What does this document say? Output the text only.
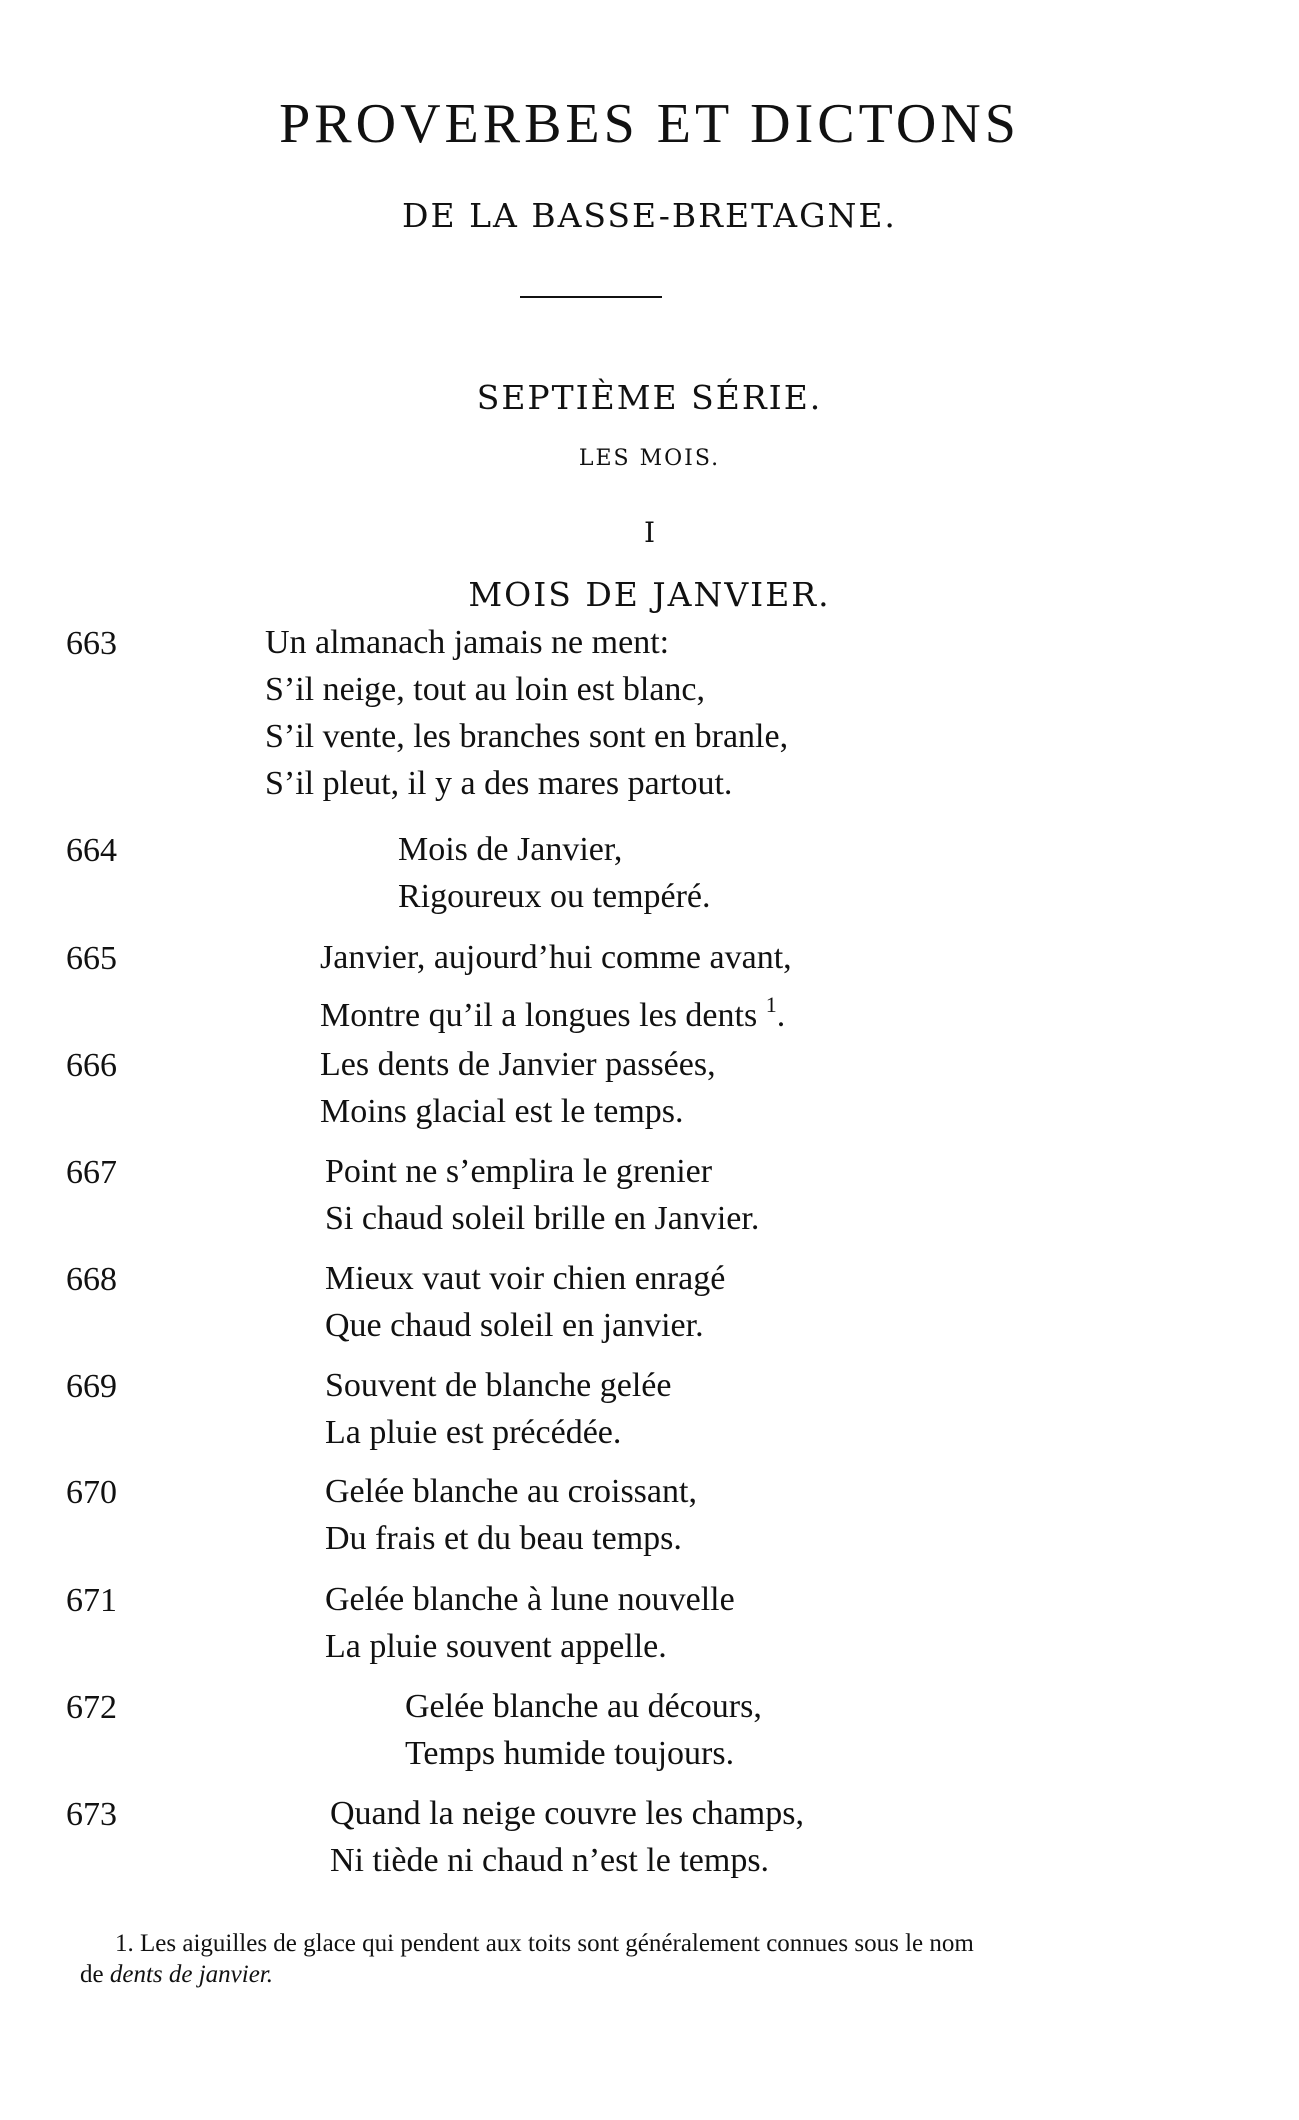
PROVERBES ET DICTONS
DE LA BASSE-BRETAGNE.
SEPTIÈME SÉRIE.
LES MOIS.
I
MOIS DE JANVIER.
663	Un almanach jamais ne ment:
S’il neige, tout au loin est blanc,
S’il vente, les branches sont en branle,
S’il pleut, il y a des mares partout.
664	Mois de Janvier,
Rigoureux ou tempéré.
665	Janvier, aujourd’hui comme avant,
Montre qu’il a longues les dents $^1$.
666	Les dents de Janvier passées,
Moins glacial est le temps.
667	Point ne s’emplira le grenier
Si chaud soleil brille en Janvier.
668	Mieux vaut voir chien enragé
Que chaud soleil en janvier.
669	Souvent de blanche gelée
La pluie est précédée.
670	Gelée blanche au croissant,
Du frais et du beau temps.
671	Gelée blanche à lune nouvelle
La pluie souvent appelle.
672	Gelée blanche au décours,
Temps humide toujours.
673	Quand la neige couvre les champs,
Ni tiède ni chaud n’est le temps.
1. Les aiguilles de glace qui pendent aux toits sont généralement connues sous le nom
de dents de janvier.
